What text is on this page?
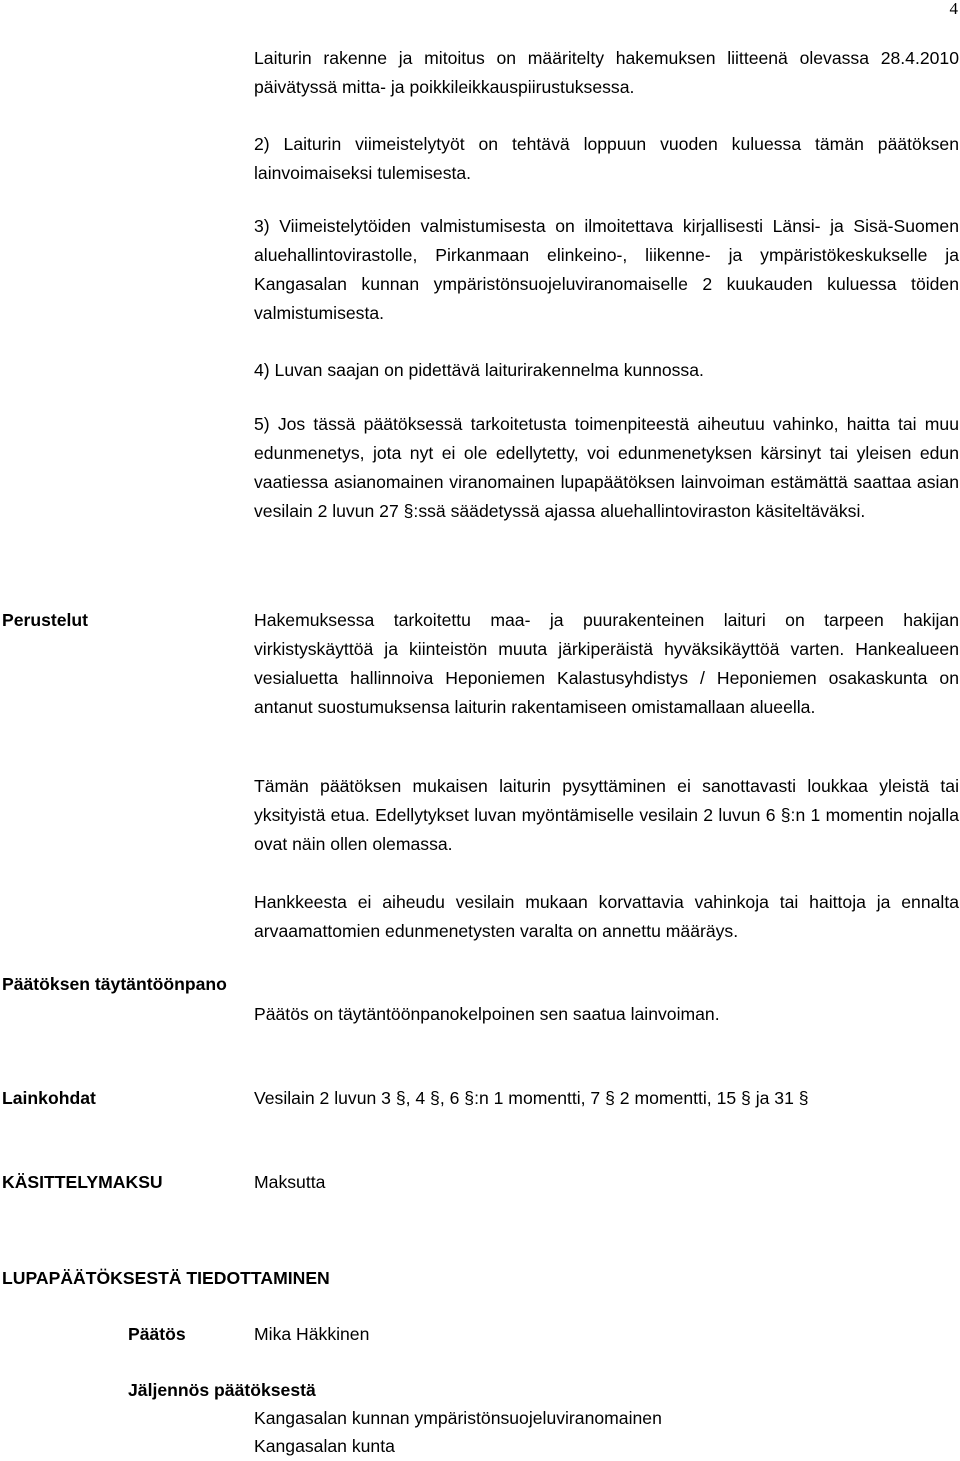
4

Laiturin rakenne ja mitoitus on määritelty hakemuksen liitteenä olevassa 28.4.2010 päivätyssä mitta- ja poikkileikkauspiirustuksessa.

2) Laiturin viimeistelytyöt on tehtävä loppuun vuoden kuluessa tämän päätöksen lainvoimaiseksi tulemisesta.

3) Viimeistelytöiden valmistumisesta on ilmoitettava kirjallisesti Länsi- ja Sisä-Suomen aluehallintovirastolle, Pirkanmaan elinkeino-, liikenne- ja ympäristökeskukselle ja Kangasalan kunnan ympäristönsuojeluviranomaiselle 2 kuukauden kuluessa töiden valmistumisesta.

4) Luvan saajan on pidettävä laiturirakennelma kunnossa.

5) Jos tässä päätöksessä tarkoitetusta toimenpiteestä aiheutuu vahinko, haitta tai muu edunmenetys, jota nyt ei ole edellytetty, voi edunmenetyksen kärsinyt tai yleisen edun vaatiessa asianomainen viranomainen lupapäätöksen lainvoiman estämättä saattaa asian vesilain 2 luvun 27 §:ssä säädetyssä ajassa aluehallintoviraston käsiteltäväksi.

Perustelut	Hakemuksessa tarkoitettu maa- ja puurakenteinen laituri on tarpeen hakijan virkistyskäyttöä ja kiinteistön muuta järkiperäistä hyväksikäyttöä varten. Hankealueen vesialuetta hallinnoiva Heponiemen Kalastusyhdistys / Heponiemen osakaskunta on antanut suostumuksensa laiturin rakentamiseen omistamallaan alueella.

Tämän päätöksen mukaisen laiturin pysyttäminen ei sanottavasti loukkaa yleistä tai yksityistä etua. Edellytykset luvan myöntämiselle vesilain 2 luvun 6 §:n 1 momentin nojalla ovat näin ollen olemassa.

Hankkeesta ei aiheudu vesilain mukaan korvattavia vahinkoja tai haittoja ja ennalta arvaamattomien edunmenetysten varalta on annettu määräys.

Päätöksen täytäntöönpano

Päätös on täytäntöönpanokelpoinen sen saatua lainvoiman.

Lainkohdat	Vesilain 2 luvun 3 §, 4 §, 6 §:n 1 momentti, 7 § 2 momentti, 15 § ja 31 §

KÄSITTELYMAKSU	Maksutta

LUPAPÄÄTÖKSESTÄ TIEDOTTAMINEN

Päätös	Mika Häkkinen

Jäljennös päätöksestä

Kangasalan kunnan ympäristönsuojeluviranomainen

Kangasalan kunta
